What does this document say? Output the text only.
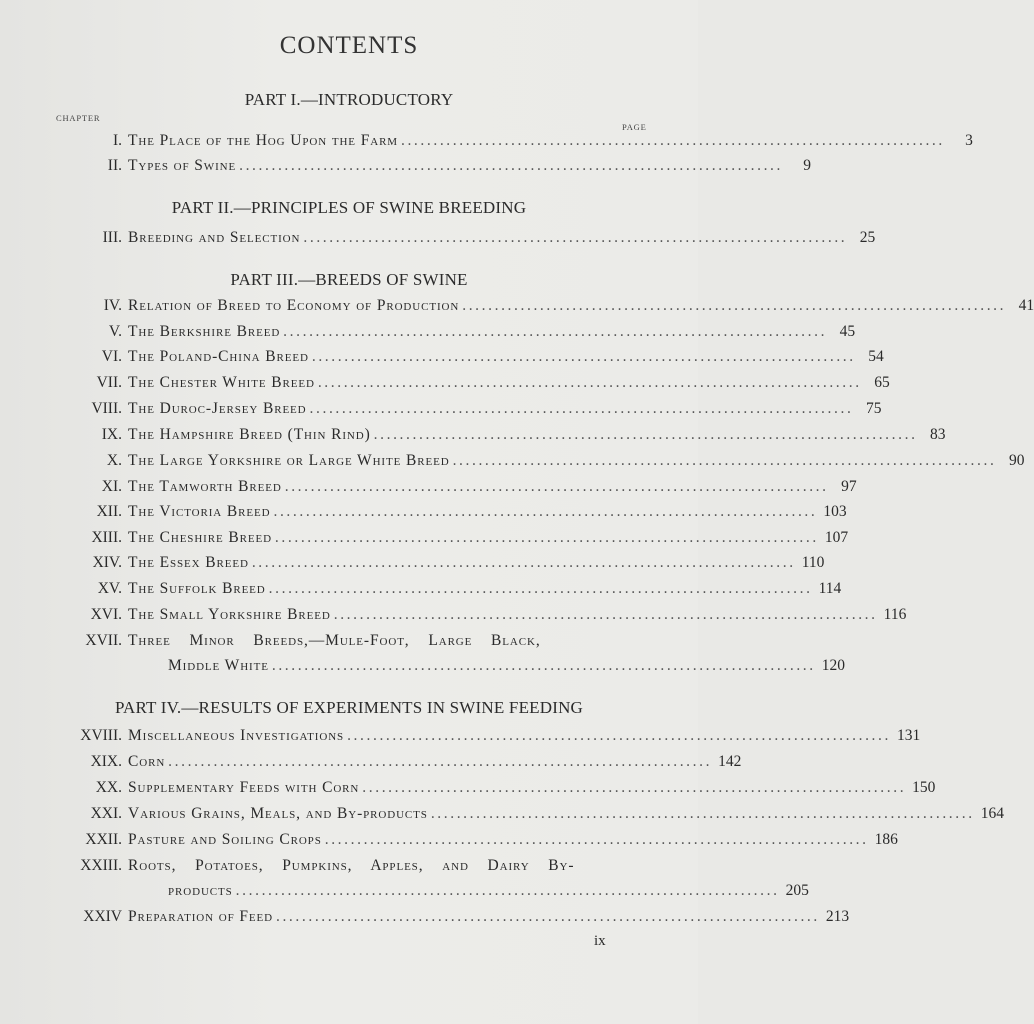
CONTENTS
PART I.—INTRODUCTORY
CHAPTER
PAGE
I. The Place of the Hog Upon the Farm ....................................................................................	3
II. Types of Swine ....................................................................................	9
PART II.—PRINCIPLES OF SWINE BREEDING
III. Breeding and Selection .................................................................................... 25
PART III.—BREEDS OF SWINE
IV. Relation of Breed to Economy of Production .................................................................................... 41
V. The Berkshire Breed .................................................................................... 45
VI. The Poland-China Breed .................................................................................... 54
VII. The Chester White Breed .................................................................................... 65
VIII. The Duroc-Jersey Breed .................................................................................... 75
IX. The Hampshire Breed (Thin Rind) .................................................................................... 83
X. The Large Yorkshire or Large White Breed .................................................................................... 90
XI. The Tamworth Breed .................................................................................... 97
XII. The Victoria Breed .................................................................................... 103
XIII. The Cheshire Breed .................................................................................... 107
XIV. The Essex Breed .................................................................................... 110
XV. The Suffolk Breed .................................................................................... 114
XVI. The Small Yorkshire Breed .................................................................................... 116
XVII. Three Minor Breeds,—Mule-Foot, Large Black,
Middle White .................................................................................... 120
PART IV.—RESULTS OF EXPERIMENTS IN SWINE FEEDING
XVIII. Miscellaneous Investigations .................................................................................... 131
XIX. Corn .................................................................................... 142
XX. Supplementary Feeds with Corn .................................................................................... 150
XXI. Various Grains, Meals, and By-products .................................................................................... 164
XXII. Pasture and Soiling Crops .................................................................................... 186
XXIII. Roots, Potatoes, Pumpkins, Apples, and Dairy By-
products .................................................................................... 205
XXIV Preparation of Feed .................................................................................... 213
ix
